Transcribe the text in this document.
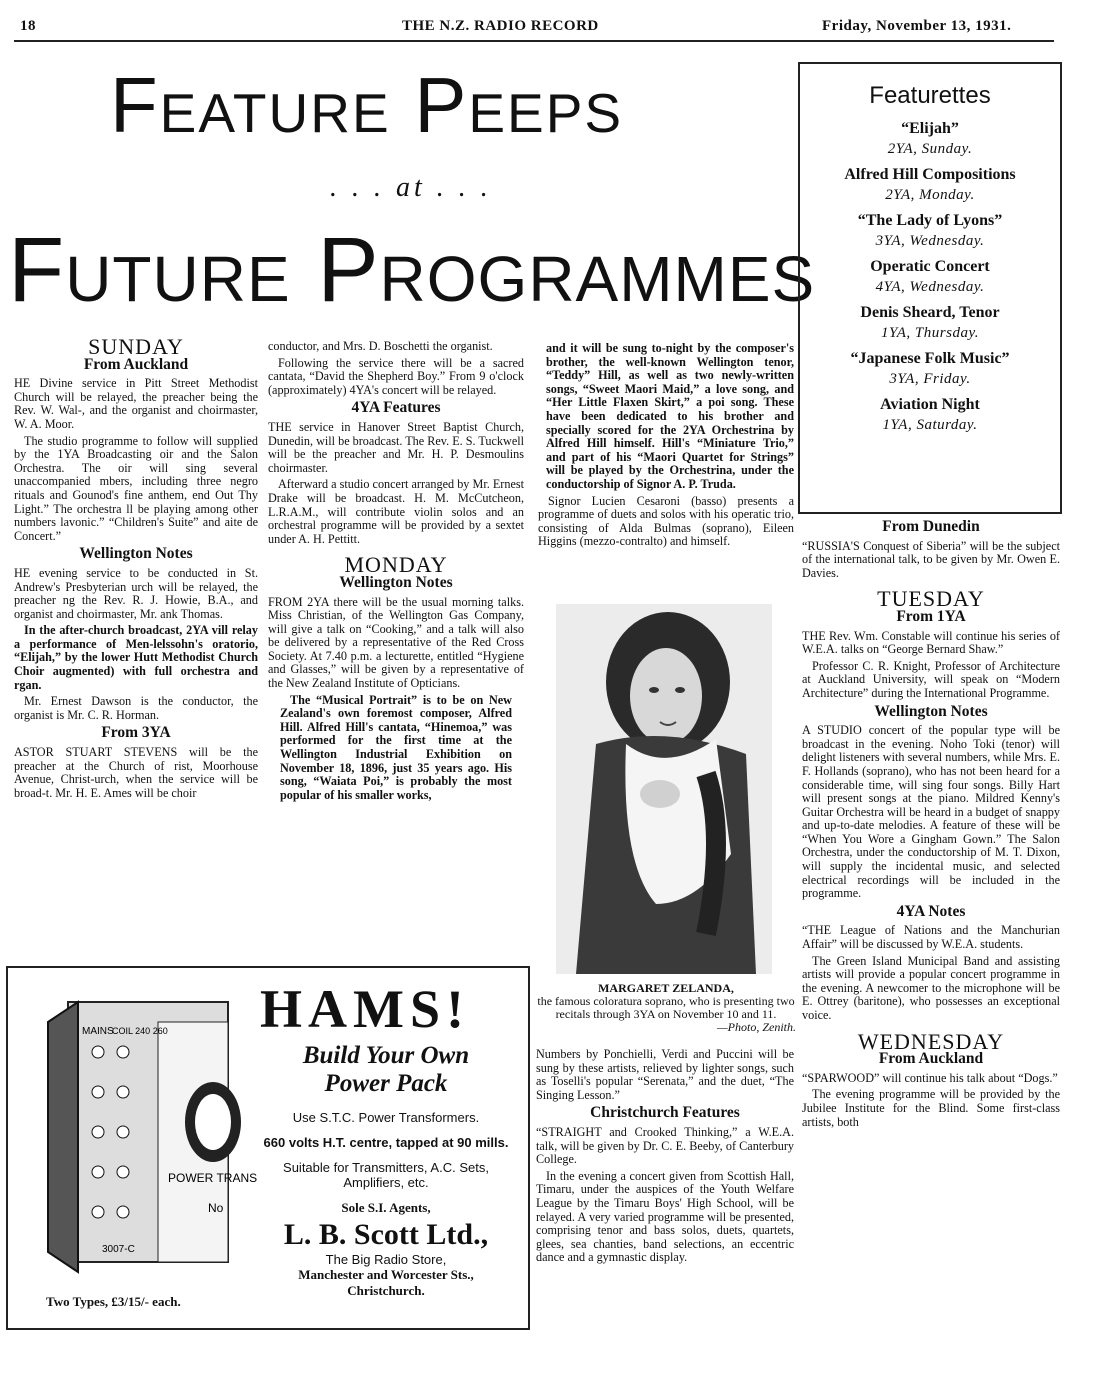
18	THE N.Z. RADIO RECORD	Friday, November 13, 1931.
Feature Peeps
. . . at . . .
Future Programmes
Featurettes
“Elijah”
2YA, Sunday.
Alfred Hill Compositions
2YA, Monday.
“The Lady of Lyons”
3YA, Wednesday.
Operatic Concert
4YA, Wednesday.
Denis Sheard, Tenor
1YA, Thursday.
“Japanese Folk Music”
3YA, Friday.
Aviation Night
1YA, Saturday.
SUNDAY
From Auckland

HE Divine service in Pitt Street Methodist Church will be relayed, the preacher being the Rev. W. Wal-, and the organist and choirmaster, W. A. Moor.

The studio programme to follow will supplied by the 1YA Broadcasting oir and the Salon Orchestra. The oir will sing several unaccompanied mbers, including three negro rituals and Gounod's fine anthem, end Out Thy Light.” The orchestra ll be playing among other numbers lavonic.” “Children's Suite” and aite de Concert.”

Wellington Notes

HE evening service to be conducted in St. Andrew's Presbyterian urch will be relayed, the preacher ng the Rev. R. J. Howie, B.A., and organist and choirmaster, Mr. ank Thomas.

In the after-church broadcast, 2YA vill relay a performance of Men-lelssohn's oratorio, “Elijah,” by the lower Hutt Methodist Church Choir augmented) with full orchestra and rgan.

Mr. Ernest Dawson is the conductor, the organist is Mr. C. R. Horman.

From 3YA

ASTOR STUART STEVENS will be the preacher at the Church of rist, Moorhouse Avenue, Christ-urch, when the service will be broad-t. Mr. H. E. Ames will be choir

conductor, and Mrs. D. Boschetti the organist.

Following the service there will be a sacred cantata, “David the Shepherd Boy.” From 9 o'clock (approximately) 4YA's concert will be relayed.

4YA Features

THE service in Hanover Street Baptist Church, Dunedin, will be broadcast. The Rev. E. S. Tuckwell will be the preacher and Mr. H. P. Desmoulins choirmaster.

Afterward a studio concert arranged by Mr. Ernest Drake will be broadcast. H. M. McCutcheon, L.R.A.M., will contribute violin solos and an orchestral programme will be provided by a sextet under A. H. Pettitt.

MONDAY
Wellington Notes

FROM 2YA there will be the usual morning talks. Miss Christian, of the Wellington Gas Company, will give a talk on “Cooking,” and a talk will also be delivered by a representative of the Red Cross Society. At 7.40 p.m. a lecturette, entitled “Hygiene and Glasses,” will be given by a representative of the New Zealand Institute of Opticians.

The “Musical Portrait” is to be on New Zealand's own foremost composer, Alfred Hill. Alfred Hill's cantata, “Hinemoa,” was performed for the first time at the Wellington Industrial Exhibition on November 18, 1896, just 35 years ago. His song, “Waiata Poi,” is probably the most popular of his smaller works,

and it will be sung to-night by the composer's brother, the well-known Wellington tenor, “Teddy” Hill, as well as two newly-written songs, “Sweet Maori Maid,” a love song, and “Her Little Flaxen Skirt,” a poi song. These have been dedicated to his brother and specially scored for the 2YA Orchestrina by Alfred Hill himself. Hill's “Miniature Trio,” and part of his “Maori Quartet for Strings” will be played by the Orchestrina, under the conductorship of Signor A. P. Truda.

Signor Lucien Cesaroni (basso) presents a programme of duets and solos with his operatic trio, consisting of Alda Bulmas (soprano), Eileen Higgins (mezzo-contralto) and himself.

MARGARET ZELANDA,
the famous coloratura soprano, who is presenting two recitals through 3YA on November 10 and 11.
—Photo, Zenith.

Numbers by Ponchielli, Verdi and Puccini will be sung by these artists, relieved by lighter songs, such as Toselli's popular “Serenata,” and the duet, “The Singing Lesson.”

Christchurch Features

“STRAIGHT and Crooked Thinking,” a W.E.A. talk, will be given by Dr. C. E. Beeby, of Canterbury College.

In the evening a concert given from Scottish Hall, Timaru, under the auspices of the Youth Welfare League by the Timaru Boys' High School, will be relayed. A very varied programme will be presented, comprising tenor and bass solos, duets, quartets, glees, sea chanties, band selections, an eccentric dance and a gymnastic display.

From Dunedin

“RUSSIA'S Conquest of Siberia” will be the subject of the international talk, to be given by Mr. Owen E. Davies.

TUESDAY
From 1YA

THE Rev. Wm. Constable will continue his series of W.E.A. talks on “George Bernard Shaw.”

Professor C. R. Knight, Professor of Architecture at Auckland University, will speak on “Modern Architecture” during the International Programme.

Wellington Notes

A STUDIO concert of the popular type will be broadcast in the evening. Noho Toki (tenor) will delight listeners with several numbers, while Mrs. E. F. Hollands (soprano), who has not been heard for a considerable time, will sing four songs. Billy Hart will present songs at the piano. Mildred Kenny's Guitar Orchestra will be heard in a budget of snappy and up-to-date melodies. A feature of these will be “When You Wore a Gingham Gown.” The Salon Orchestra, under the conductorship of M. T. Dixon, will supply the incidental music, and selected electrical recordings will be included in the programme.

4YA Notes

“THE League of Nations and the Manchurian Affair” will be discussed by W.E.A. students.

The Green Island Municipal Band and assisting artists will provide a popular concert programme in the evening. A newcomer to the microphone will be E. Ottrey (baritone), who possesses an exceptional voice.

WEDNESDAY
From Auckland

“SPARWOOD” will continue his talk about “Dogs.”

The evening programme will be provided by the Jubilee Institute for the Blind. Some first-class artists, both

MAINS
COIL 240 260
POWER TRANS
No
3007-C
Two Types, £3/15/- each.
HAMS!
Build Your Own
Power Pack
Use S.T.C. Power Transformers.
660 volts H.T. centre, tapped at 90 mills.
Suitable for Transmitters, A.C. Sets, Amplifiers, etc.
Sole S.I. Agents,
L. B. Scott Ltd.,
The Big Radio Store,
Manchester and Worcester Sts.,
Christchurch.
